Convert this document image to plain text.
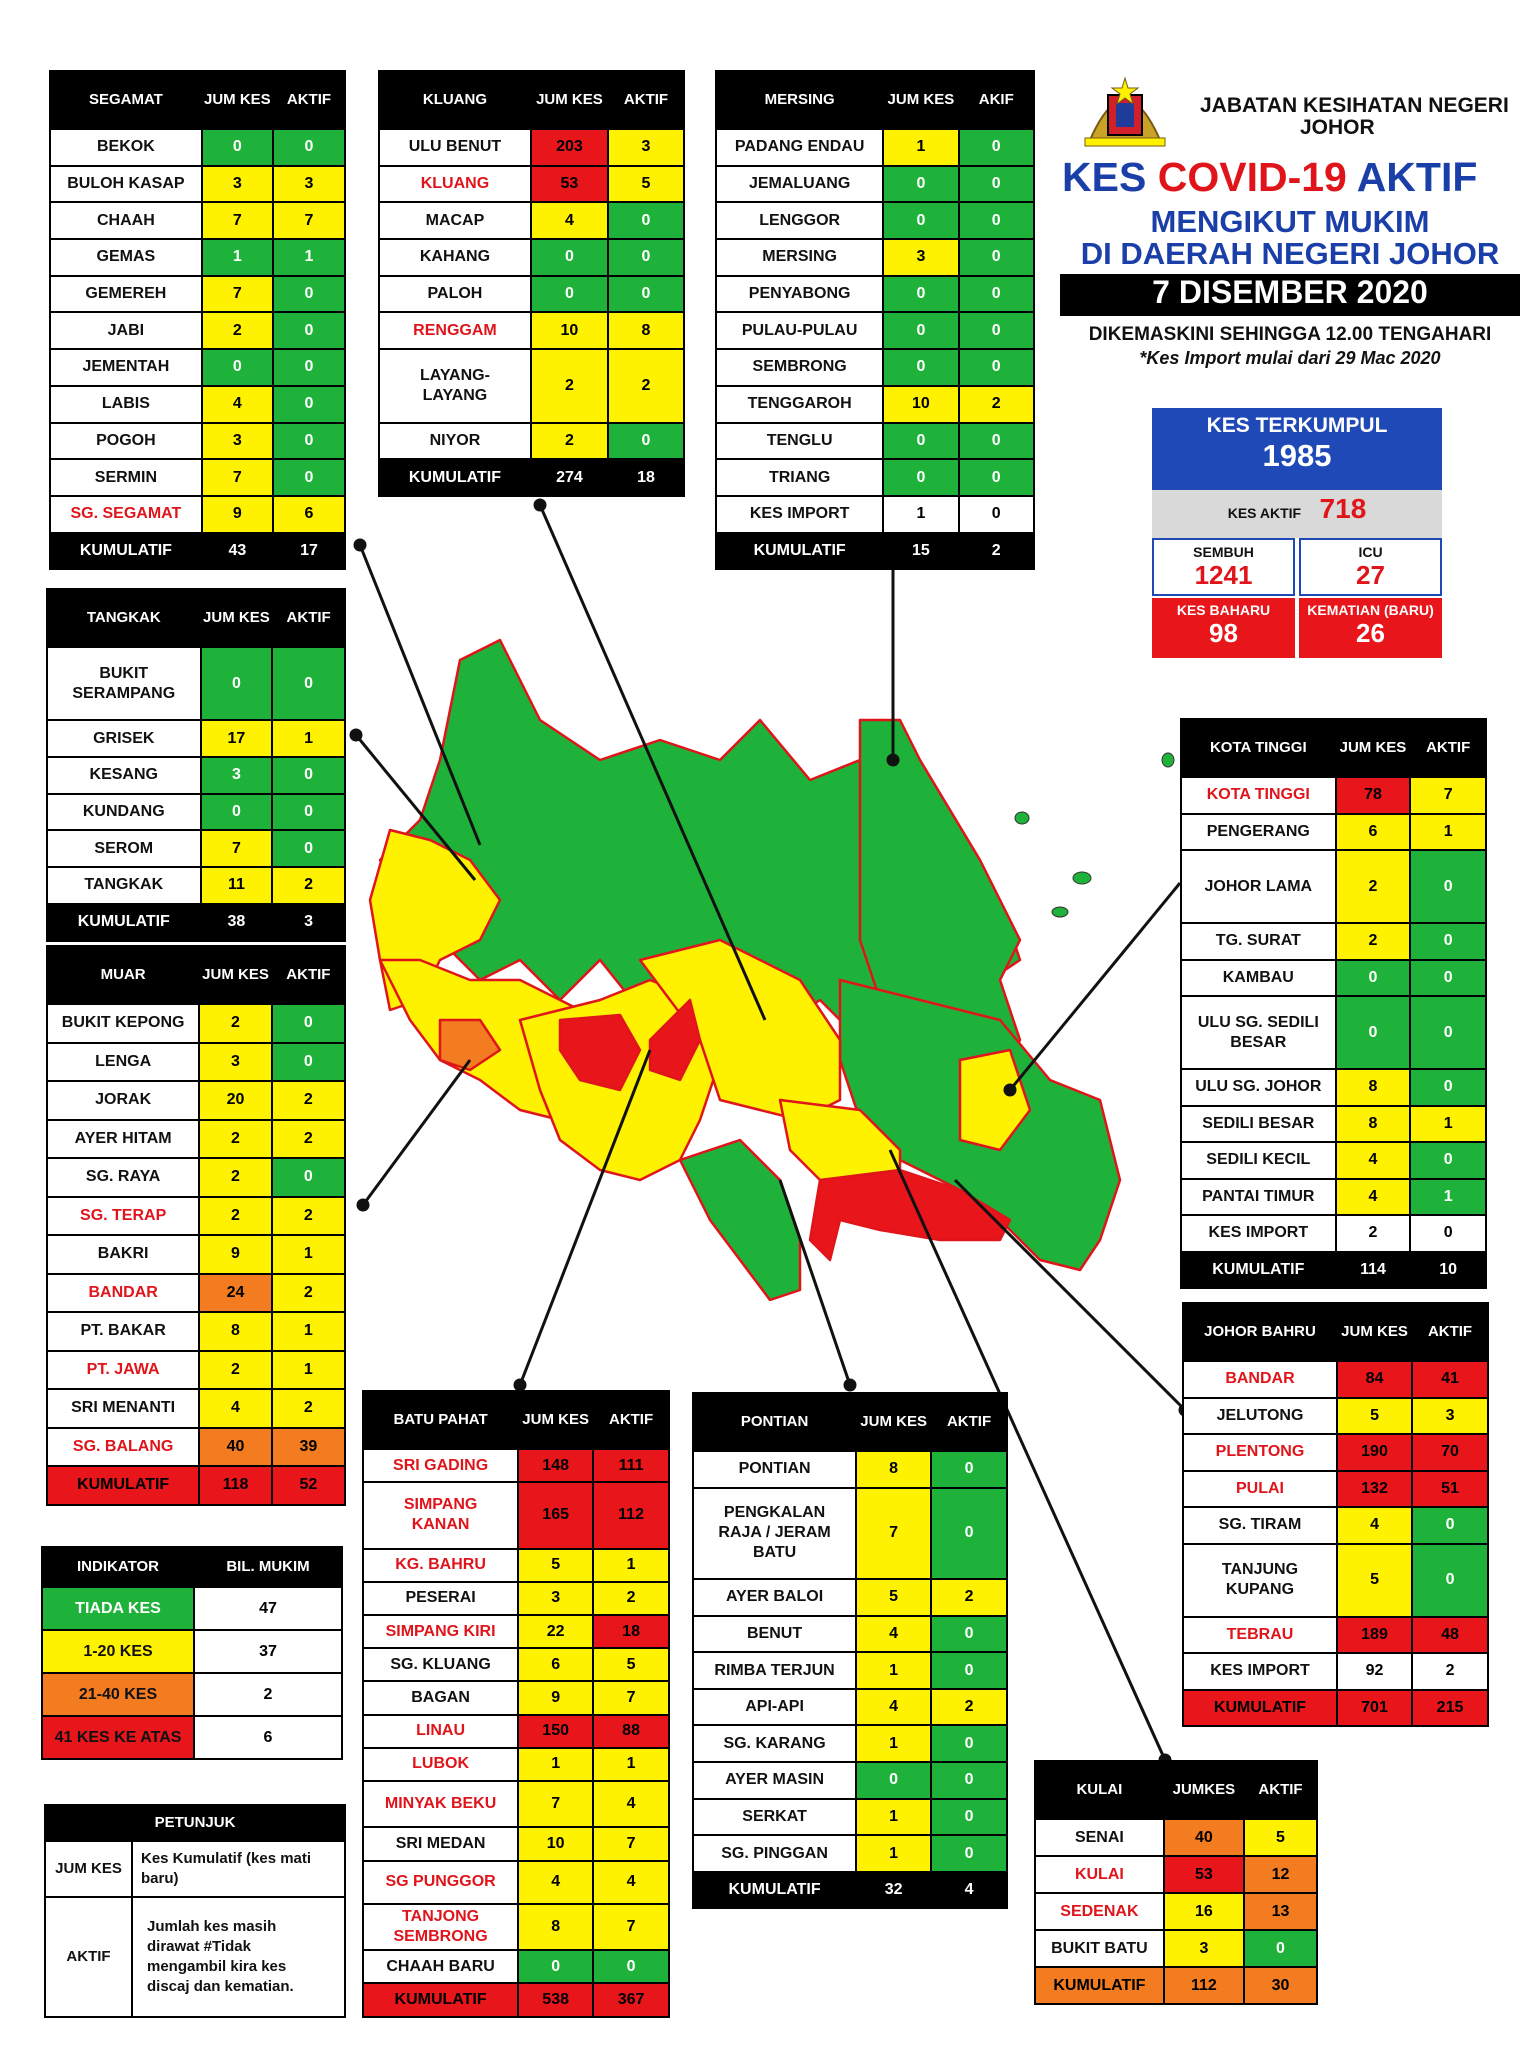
JABATAN KESIHATAN NEGERI
JOHOR
KES COVID-19 AKTIF
MENGIKUT MUKIM
DI DAERAH NEGERI JOHOR
7 DISEMBER 2020
DIKEMASKINI SEHINGGA 12.00 TENGAHARI
*Kes Import mulai dari 29 Mac 2020
KES TERKUMPUL
1985
KES AKTIF 718
SEMBUH
1241
ICU
27
KES BAHARU
98
KEMATIAN (BARU)
26
SEGAMAT	JUM KES	AKTIF
BEKOK	0	0
BULOH KASAP	3	3
CHAAH	7	7
GEMAS	1	1
GEMEREH	7	0
JABI	2	0
JEMENTAH	0	0
LABIS	4	0
POGOH	3	0
SERMIN	7	0
SG. SEGAMAT	9	6
KUMULATIF	43	17
KLUANG	JUM KES	AKTIF
ULU BENUT	203	3
KLUANG	53	5
MACAP	4	0
KAHANG	0	0
PALOH	0	0
RENGGAM	10	8
LAYANG-LAYANG	2	2
NIYOR	2	0
KUMULATIF	274	18
MERSING	JUM KES	AKIF
PADANG ENDAU	1	0
JEMALUANG	0	0
LENGGOR	0	0
MERSING	3	0
PENYABONG	0	0
PULAU-PULAU	0	0
SEMBRONG	0	0
TENGGAROH	10	2
TENGLU	0	0
TRIANG	0	0
KES IMPORT	1	0
KUMULATIF	15	2
TANGKAK	JUM KES	AKTIF
BUKIT SERAMPANG	0	0
GRISEK	17	1
KESANG	3	0
KUNDANG	0	0
SEROM	7	0
TANGKAK	11	2
KUMULATIF	38	3
MUAR	JUM KES	AKTIF
BUKIT KEPONG	2	0
LENGA	3	0
JORAK	20	2
AYER HITAM	2	2
SG. RAYA	2	0
SG. TERAP	2	2
BAKRI	9	1
BANDAR	24	2
PT. BAKAR	8	1
PT. JAWA	2	1
SRI MENANTI	4	2
SG. BALANG	40	39
KUMULATIF	118	52
KOTA TINGGI	JUM KES	AKTIF
KOTA TINGGI	78	7
PENGERANG	6	1
JOHOR LAMA	2	0
TG. SURAT	2	0
KAMBAU	0	0
ULU SG. SEDILI BESAR	0	0
ULU SG. JOHOR	8	0
SEDILI BESAR	8	1
SEDILI KECIL	4	0
PANTAI TIMUR	4	1
KES IMPORT	2	0
KUMULATIF	114	10
JOHOR BAHRU	JUM KES	AKTIF
BANDAR	84	41
JELUTONG	5	3
PLENTONG	190	70
PULAI	132	51
SG. TIRAM	4	0
TANJUNG KUPANG	5	0
TEBRAU	189	48
KES IMPORT	92	2
KUMULATIF	701	215
BATU PAHAT	JUM KES	AKTIF
SRI GADING	148	111
SIMPANG KANAN	165	112
KG. BAHRU	5	1
PESERAI	3	2
SIMPANG KIRI	22	18
SG. KLUANG	6	5
BAGAN	9	7
LINAU	150	88
LUBOK	1	1
MINYAK BEKU	7	4
SRI MEDAN	10	7
SG PUNGGOR	4	4
TANJONG SEMBRONG	8	7
CHAAH BARU	0	0
KUMULATIF	538	367
PONTIAN	JUM KES	AKTIF
PONTIAN	8	0
PENGKALAN RAJA / JERAM BATU	7	0
AYER BALOI	5	2
BENUT	4	0
RIMBA TERJUN	1	0
API-API	4	2
SG. KARANG	1	0
AYER MASIN	0	0
SERKAT	1	0
SG. PINGGAN	1	0
KUMULATIF	32	4
KULAI	JUMKES	AKTIF
SENAI	40	5
KULAI	53	12
SEDENAK	16	13
BUKIT BATU	3	0
KUMULATIF	112	30
INDIKATOR	BIL. MUKIM
TIADA KES	47
1-20 KES	37
21-40 KES	2
41 KES KE ATAS	6
PETUNJUK	
JUM KES	Kes Kumulatif (kes mati baru)
AKTIF	Jumlah kes masih dirawat #Tidak mengambil kira kes discaj dan kematian.
